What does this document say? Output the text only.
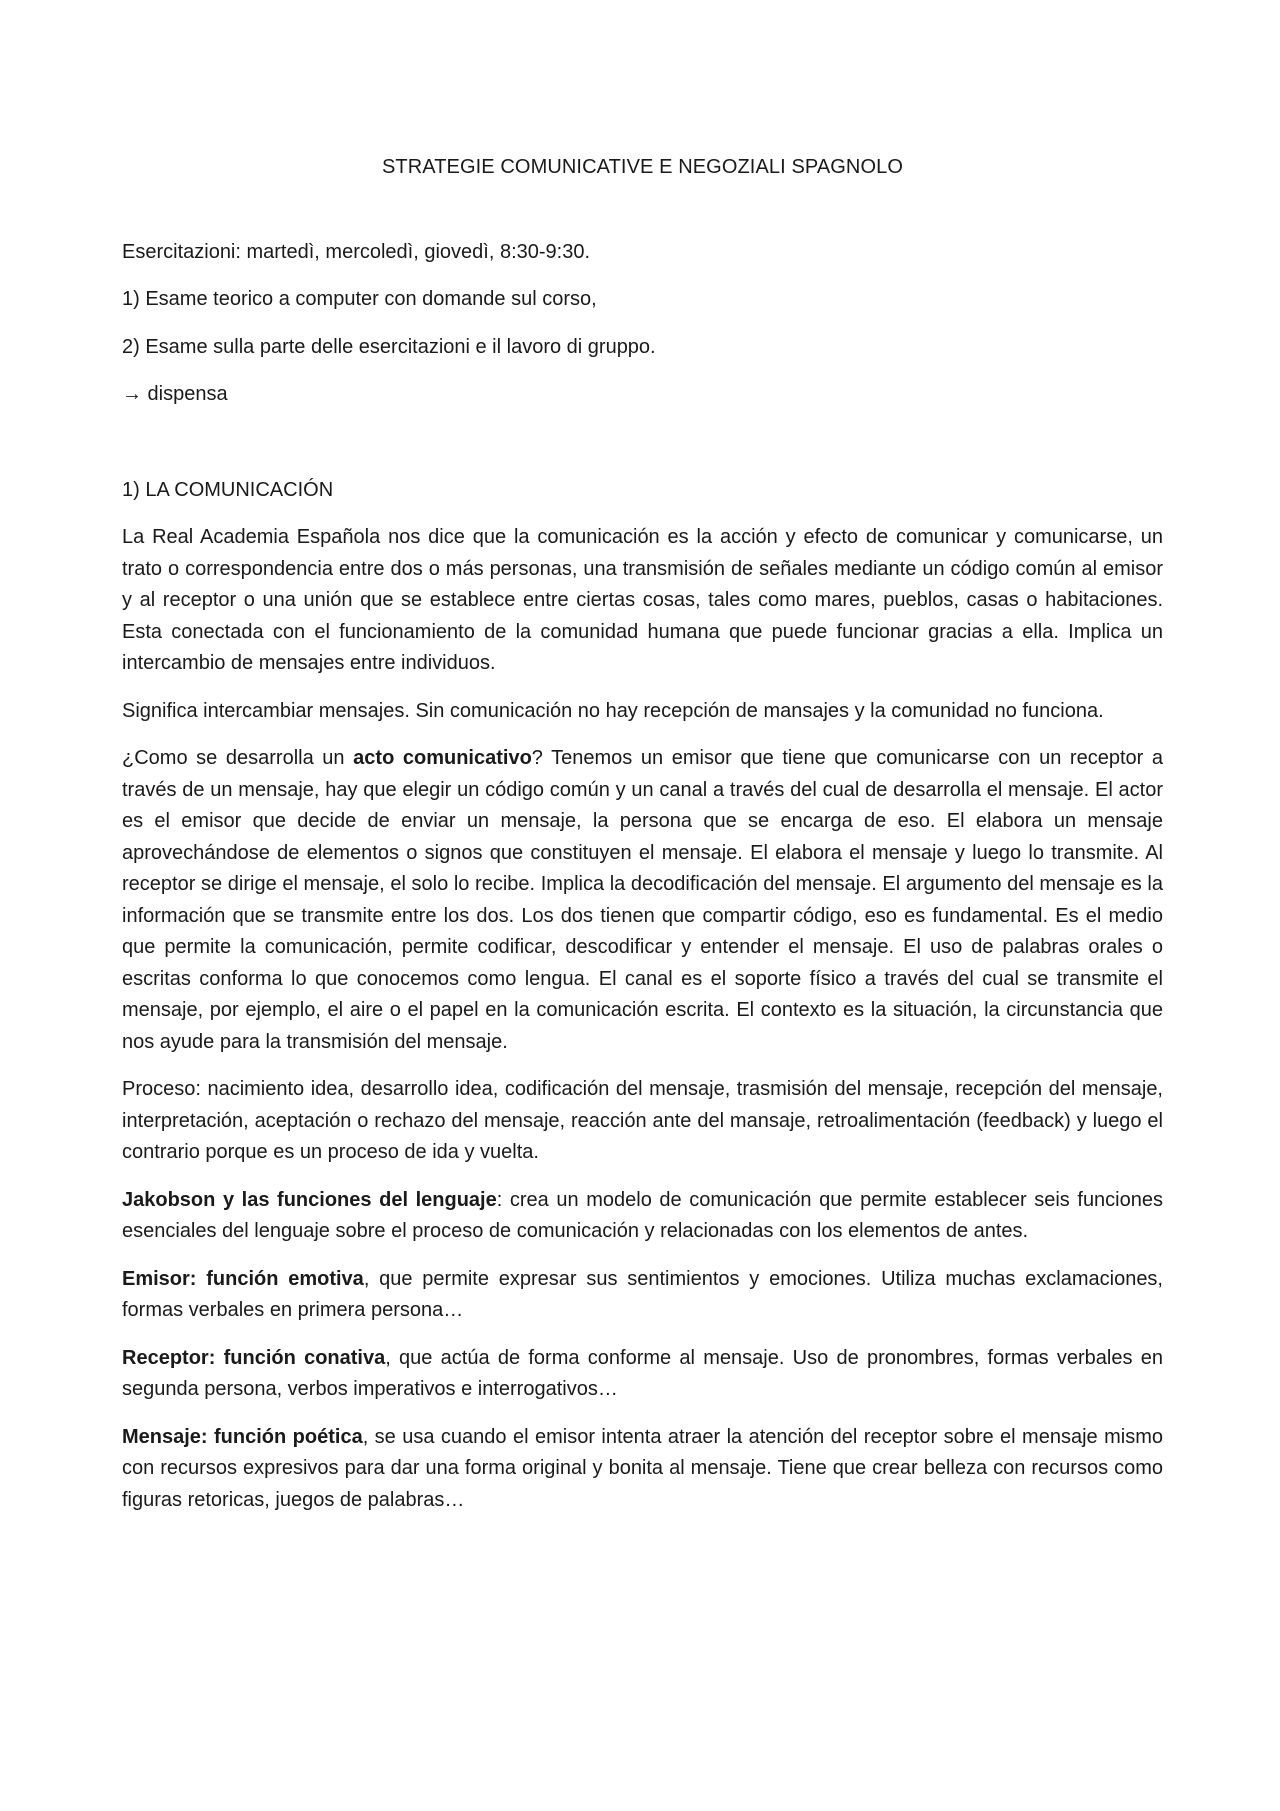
STRATEGIE COMUNICATIVE E NEGOZIALI SPAGNOLO

Esercitazioni: martedì, mercoledì, giovedì, 8:30-9:30.

1) Esame teorico a computer con domande sul corso,

2) Esame sulla parte delle esercitazioni e il lavoro di gruppo.

→ dispensa

1) LA COMUNICACIÓN

La Real Academia Española nos dice que la comunicación es la acción y efecto de comunicar y comunicarse, un trato o correspondencia entre dos o más personas, una transmisión de señales mediante un código común al emisor y al receptor o una unión que se establece entre ciertas cosas, tales como mares, pueblos, casas o habitaciones. Esta conectada con el funcionamiento de la comunidad humana que puede funcionar gracias a ella. Implica un intercambio de mensajes entre individuos.

Significa intercambiar mensajes. Sin comunicación no hay recepción de mansajes y la comunidad no funciona.

¿Como se desarrolla un acto comunicativo? Tenemos un emisor que tiene que comunicarse con un receptor a través de un mensaje, hay que elegir un código común y un canal a través del cual de desarrolla el mensaje. El actor es el emisor que decide de enviar un mensaje, la persona que se encarga de eso. El elabora un mensaje aprovechándose de elementos o signos que constituyen el mensaje. El elabora el mensaje y luego lo transmite. Al receptor se dirige el mensaje, el solo lo recibe. Implica la decodificación del mensaje. El argumento del mensaje es la información que se transmite entre los dos. Los dos tienen que compartir código, eso es fundamental. Es el medio que permite la comunicación, permite codificar, descodificar y entender el mensaje. El uso de palabras orales o escritas conforma lo que conocemos como lengua. El canal es el soporte físico a través del cual se transmite el mensaje, por ejemplo, el aire o el papel en la comunicación escrita. El contexto es la situación, la circunstancia que nos ayude para la transmisión del mensaje.

Proceso: nacimiento idea, desarrollo idea, codificación del mensaje, trasmisión del mensaje, recepción del mensaje, interpretación, aceptación o rechazo del mensaje, reacción ante del mansaje, retroalimentación (feedback) y luego el contrario porque es un proceso de ida y vuelta.

Jakobson y las funciones del lenguaje: crea un modelo de comunicación que permite establecer seis funciones esenciales del lenguaje sobre el proceso de comunicación y relacionadas con los elementos de antes.

Emisor: función emotiva, que permite expresar sus sentimientos y emociones. Utiliza muchas exclamaciones, formas verbales en primera persona…

Receptor: función conativa, que actúa de forma conforme al mensaje. Uso de pronombres, formas verbales en segunda persona, verbos imperativos e interrogativos…

Mensaje: función poética, se usa cuando el emisor intenta atraer la atención del receptor sobre el mensaje mismo con recursos expresivos para dar una forma original y bonita al mensaje. Tiene que crear belleza con recursos como figuras retoricas, juegos de palabras…
